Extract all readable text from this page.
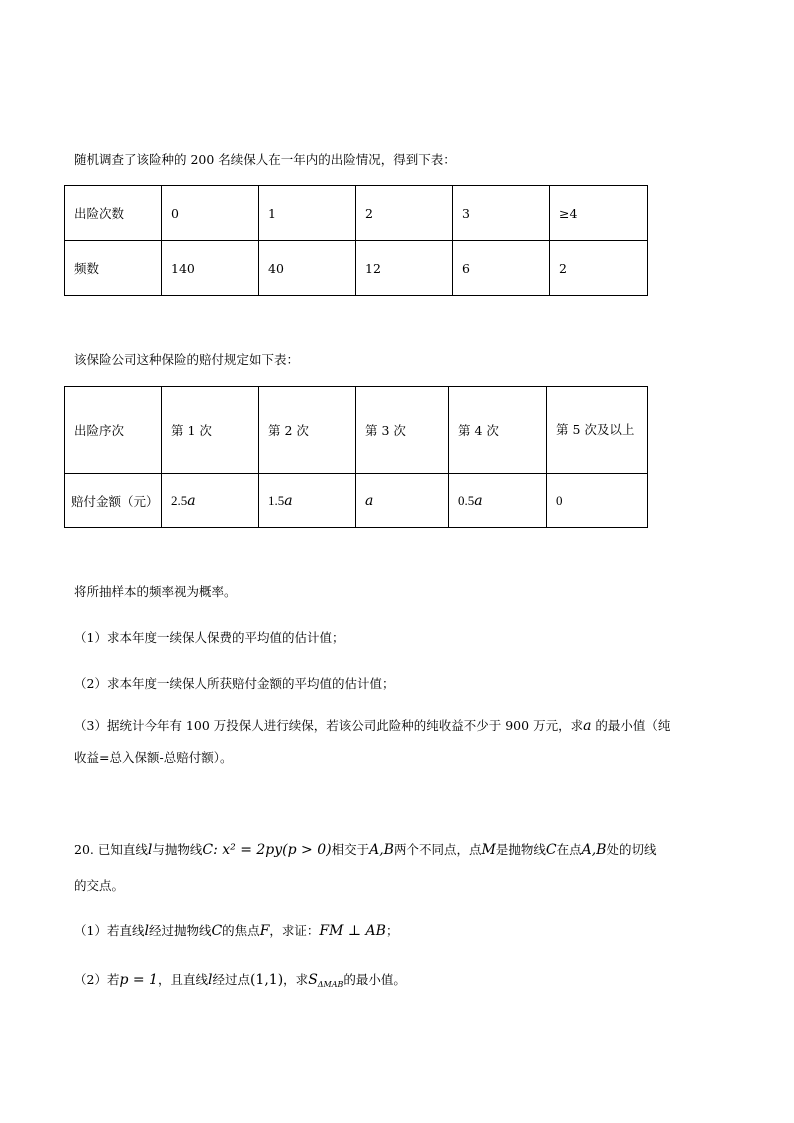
随机调查了该险种的 200 名续保人在一年内的出险情况，得到下表：
出险次数	0	1	2	3	≥4
频数	140	40	12	6	2
该保险公司这种保险的赔付规定如下表：
出险序次	第 1 次	第 2 次	第 3 次	第 4 次	第 5 次及以上
赔付金额（元）	2.5a	1.5a	a	0.5a	0
将所抽样本的频率视为概率。
（1）求本年度一续保人保费的平均值的估计值；
（2）求本年度一续保人所获赔付金额的平均值的估计值；
（3）据统计今年有 100 万投保人进行续保，若该公司此险种的纯收益不少于 900 万元，求a 的最小值（纯
收益=总入保额-总赔付额）。
20. 已知直线l与抛物线C: x² = 2py(p > 0)相交于A,B两个不同点，点M是抛物线C在点A,B处的切线
的交点。
（1）若直线l经过抛物线C的焦点F，求证：FM ⊥ AB；
（2）若p = 1，且直线l经过点(1,1)，求$S_{\Delta MAB}$的最小值。
